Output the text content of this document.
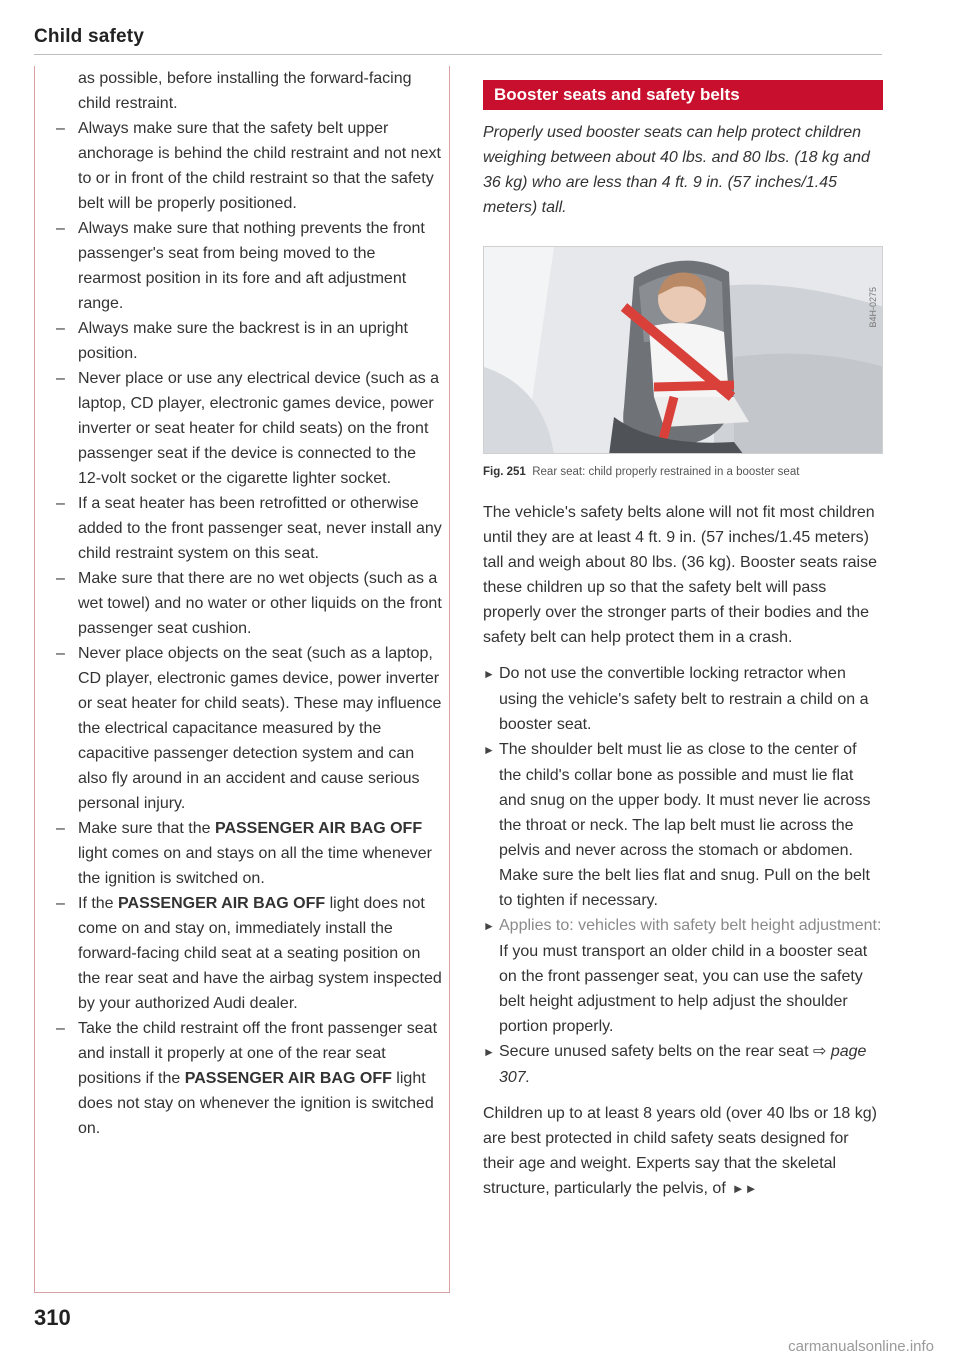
Child safety

as possible, before installing the forward-facing child restraint.

– Always make sure that the safety belt upper anchorage is behind the child restraint and not next to or in front of the child restraint so that the safety belt will be properly positioned.

– Always make sure that nothing prevents the front passenger's seat from being moved to the rearmost position in its fore and aft adjustment range.

– Always make sure the backrest is in an upright position.

– Never place or use any electrical device (such as a laptop, CD player, electronic games device, power inverter or seat heater for child seats) on the front passenger seat if the device is connected to the 12-volt socket or the cigarette lighter socket.

– If a seat heater has been retrofitted or otherwise added to the front passenger seat, never install any child restraint system on this seat.

– Make sure that there are no wet objects (such as a wet towel) and no water or other liquids on the front passenger seat cushion.

– Never place objects on the seat (such as a laptop, CD player, electronic games device, power inverter or seat heater for child seats). These may influence the electrical capacitance measured by the capacitive passenger detection system and can also fly around in an accident and cause serious personal injury.

– Make sure that the PASSENGER AIR BAG OFF light comes on and stays on all the time whenever the ignition is switched on.

– If the PASSENGER AIR BAG OFF light does not come on and stay on, immediately install the forward-facing child seat at a seating position on the rear seat and have the airbag system inspected by your authorized Audi dealer.

– Take the child restraint off the front passenger seat and install it properly at one of the rear seat positions if the PASSENGER AIR BAG OFF light does not stay on whenever the ignition is switched on.

310
Booster seats and safety belts

Properly used booster seats can help protect children weighing between about 40 lbs. and 80 lbs. (18 kg and 36 kg) who are less than 4 ft. 9 in. (57 inches/1.45 meters) tall.

B4H-0275
Fig. 251 Rear seat: child properly restrained in a booster seat

The vehicle's safety belts alone will not fit most children until they are at least 4 ft. 9 in. (57 inches/1.45 meters) tall and weigh about 80 lbs. (36 kg). Booster seats raise these children up so that the safety belt will pass properly over the stronger parts of their bodies and the safety belt can help protect them in a crash.

► Do not use the convertible locking retractor when using the vehicle's safety belt to restrain a child on a booster seat.

► The shoulder belt must lie as close to the center of the child's collar bone as possible and must lie flat and snug on the upper body. It must never lie across the throat or neck. The lap belt must lie across the pelvis and never across the stomach or abdomen. Make sure the belt lies flat and snug. Pull on the belt to tighten if necessary.

► Applies to: vehicles with safety belt height adjustment: If you must transport an older child in a booster seat on the front passenger seat, you can use the safety belt height adjustment to help adjust the shoulder portion properly.

► Secure unused safety belts on the rear seat ⇨ page 307.

Children up to at least 8 years old (over 40 lbs or 18 kg) are best protected in child safety seats designed for their age and weight. Experts say that the skeletal structure, particularly the pelvis, of ►►

carmanualsonline.info
